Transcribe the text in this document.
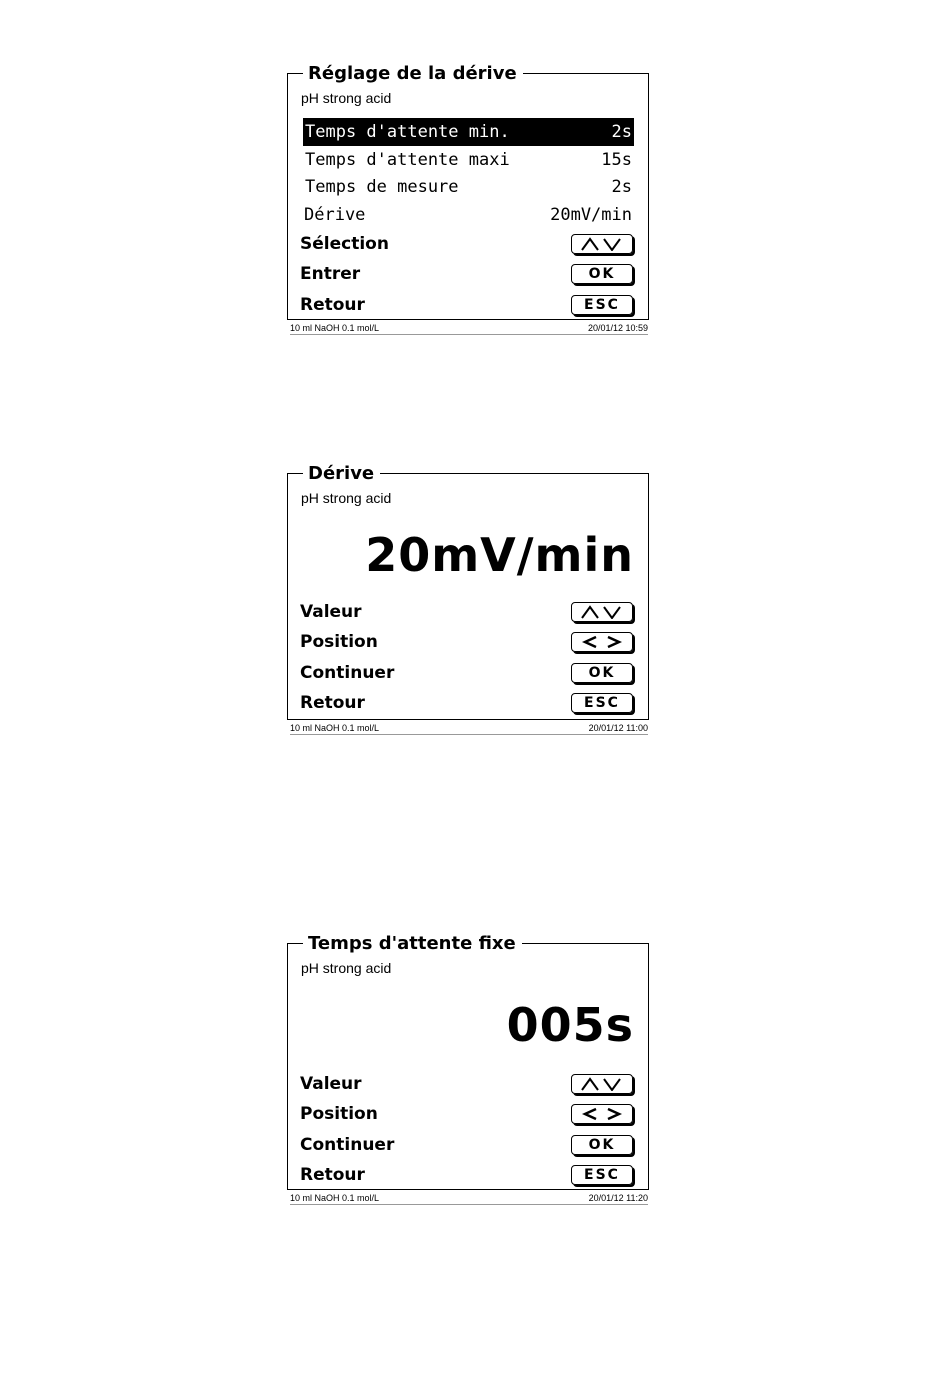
Réglage de la dérive
pH strong acid
Temps d'attente min.	2s
Temps d'attente maxi	15s
Temps de mesure	2s
Dérive	20mV/min
Sélection
Entrer	OK
Retour	ESC
10 ml NaOH 0.1 mol/L	20/01/12 10:59
Dérive
pH strong acid
20mV/min
Valeur
Position
Continuer	OK
Retour	ESC
10 ml NaOH 0.1 mol/L	20/01/12 11:00
Temps d'attente fixe
pH strong acid
005s
Valeur
Position
Continuer	OK
Retour	ESC
10 ml NaOH 0.1 mol/L	20/01/12 11:20
